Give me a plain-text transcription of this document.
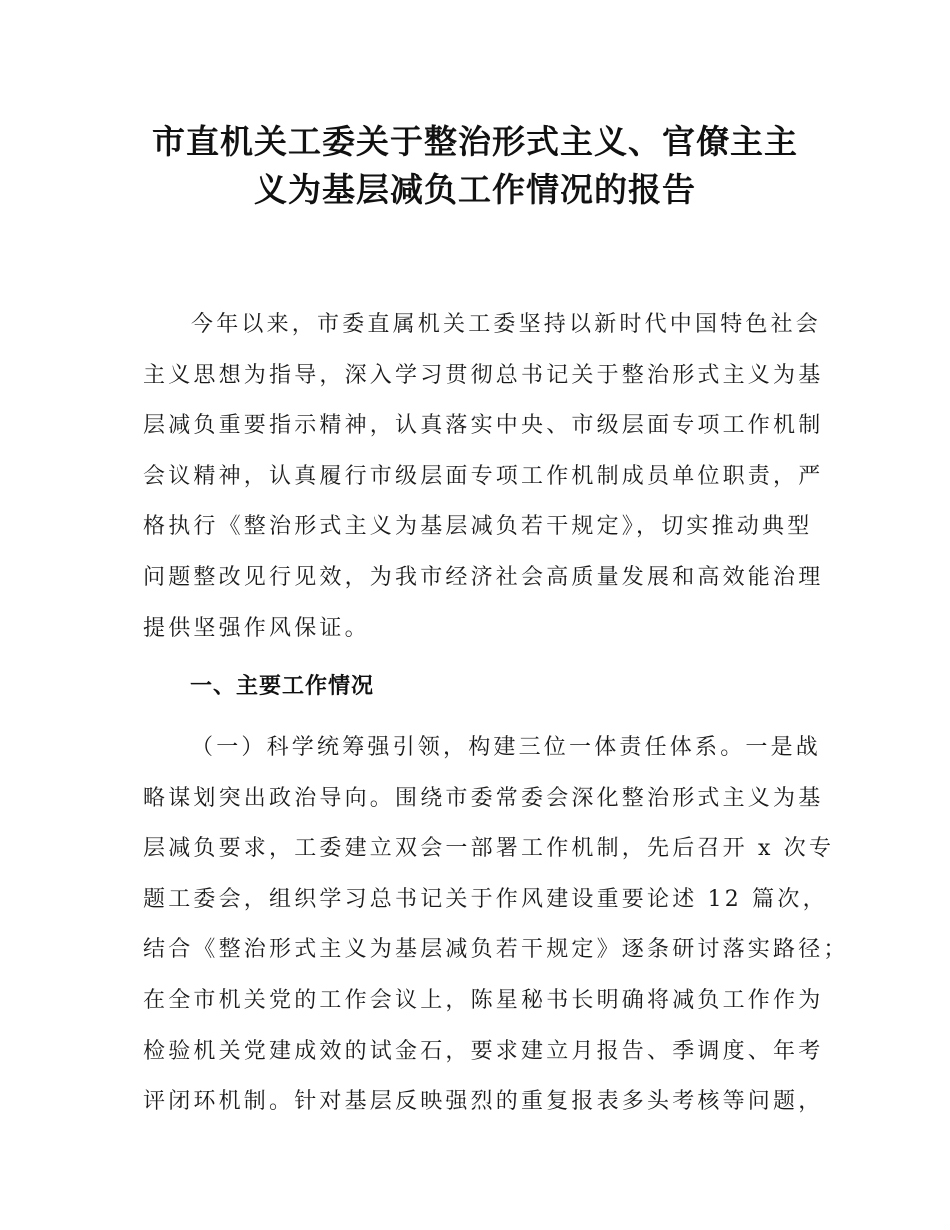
市直机关工委关于整治形式主义、官僚主主
义为基层减负工作情况的报告
今年以来，市委直属机关工委坚持以新时代中国特色社会
主义思想为指导，深入学习贯彻总书记关于整治形式主义为基
层减负重要指示精神，认真落实中央、市级层面专项工作机制
会议精神，认真履行市级层面专项工作机制成员单位职责，严
格执行《整治形式主义为基层减负若干规定》，切实推动典型
问题整改见行见效，为我市经济社会高质量发展和高效能治理
提供坚强作风保证。
一、主要工作情况
（一）科学统筹强引领，构建三位一体责任体系。一是战
略谋划突出政治导向。围绕市委常委会深化整治形式主义为基
层减负要求，工委建立双会一部署工作机制，先后召开 x 次专
题工委会，组织学习总书记关于作风建设重要论述 12 篇次，
结合《整治形式主义为基层减负若干规定》逐条研讨落实路径；
在全市机关党的工作会议上，陈星秘书长明确将减负工作作为
检验机关党建成效的试金石，要求建立月报告、季调度、年考
评闭环机制。针对基层反映强烈的重复报表多头考核等问题，
